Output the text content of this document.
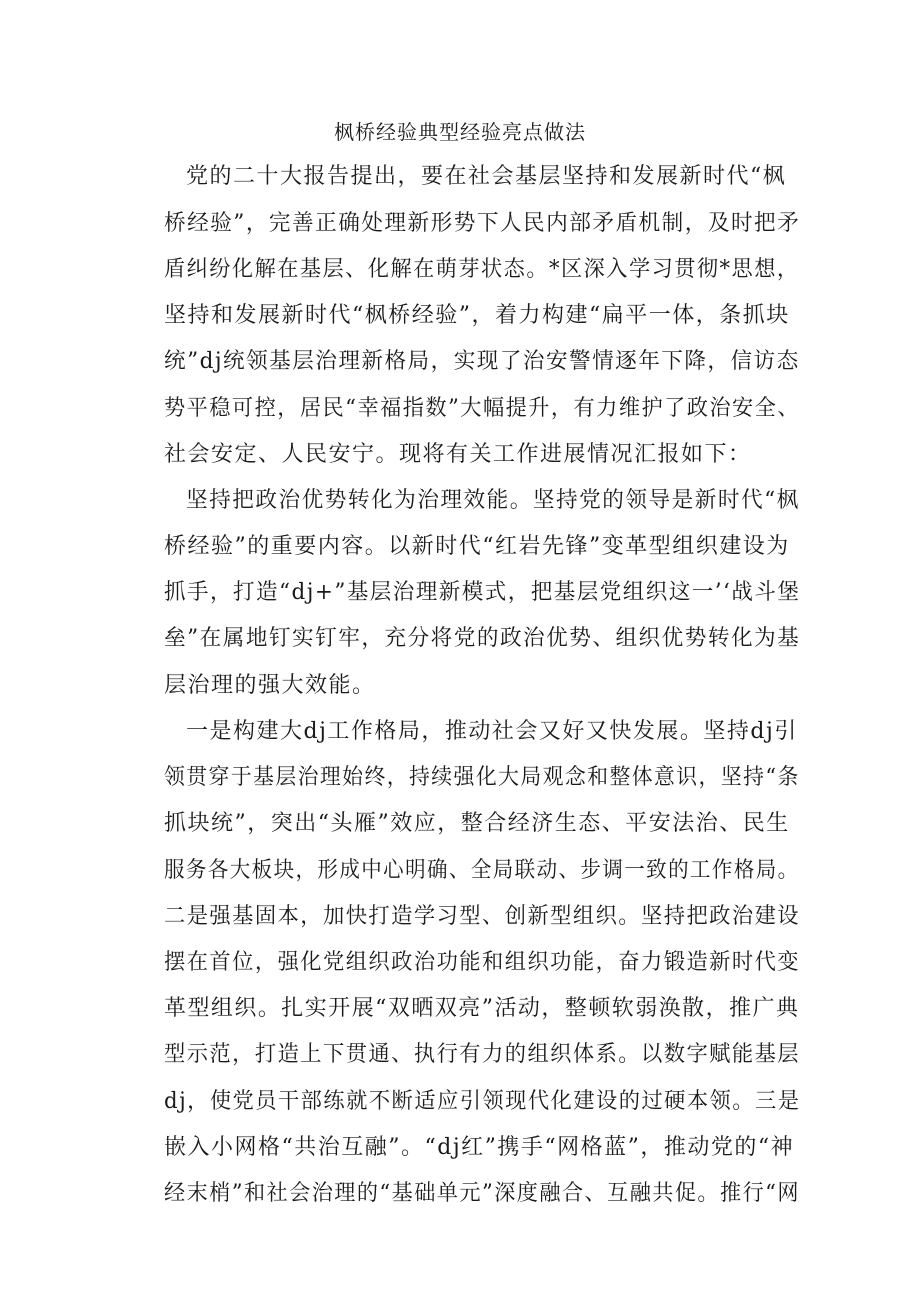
枫桥经验典型经验亮点做法
党的二十大报告提出，要在社会基层坚持和发展新时代“枫
桥经验”，完善正确处理新形势下人民内部矛盾机制，及时把矛
盾纠纷化解在基层、化解在萌芽状态。*区深入学习贯彻*思想，
坚持和发展新时代“枫桥经验”，着力构建“扁平一体，条抓块
统”dj统领基层治理新格局，实现了治安警情逐年下降，信访态
势平稳可控，居民“幸福指数”大幅提升，有力维护了政治安全、
社会安定、人民安宁。现将有关工作进展情况汇报如下：
坚持把政治优势转化为治理效能。坚持党的领导是新时代“枫
桥经验”的重要内容。以新时代“红岩先锋”变革型组织建设为
抓手，打造“dj+”基层治理新模式，把基层党组织这一’‘战斗堡
垒”在属地钉实钉牢，充分将党的政治优势、组织优势转化为基
层治理的强大效能。
一是构建大dj工作格局，推动社会又好又快发展。坚持dj引
领贯穿于基层治理始终，持续强化大局观念和整体意识，坚持“条
抓块统”，突出“头雁”效应，整合经济生态、平安法治、民生
服务各大板块，形成中心明确、全局联动、步调一致的工作格局。
二是强基固本，加快打造学习型、创新型组织。坚持把政治建设
摆在首位，强化党组织政治功能和组织功能，奋力锻造新时代变
革型组织。扎实开展“双晒双亮”活动，整顿软弱涣散，推广典
型示范，打造上下贯通、执行有力的组织体系。以数字赋能基层
dj，使党员干部练就不断适应引领现代化建设的过硬本领。三是
嵌入小网格“共治互融”。“dj红”携手“网格蓝”，推动党的“神
经末梢”和社会治理的“基础单元”深度融合、互融共促。推行“网
